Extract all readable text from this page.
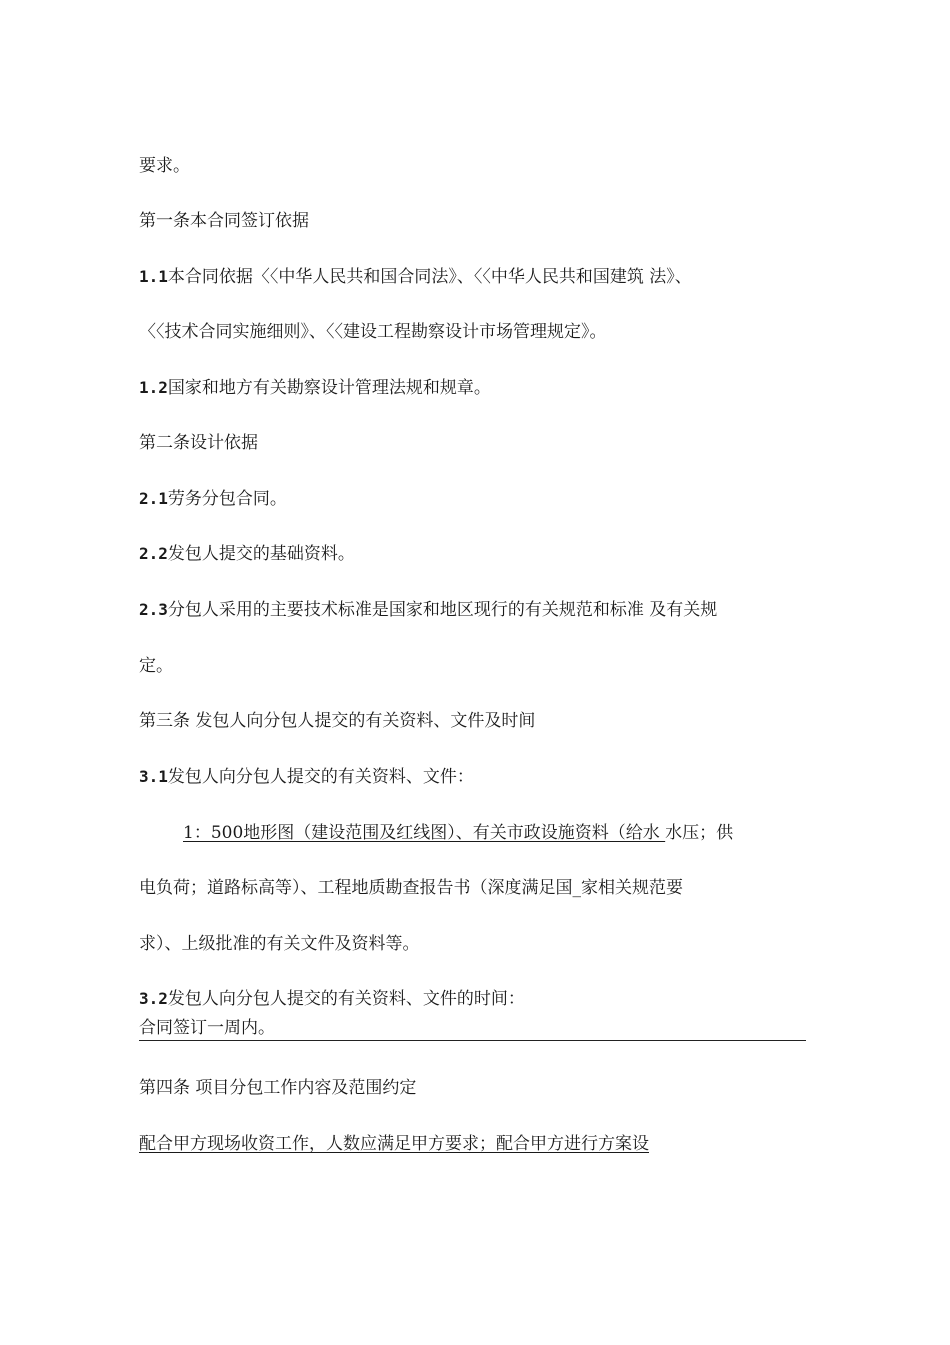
要求。
第一条本合同签订依据
1.1本合同依据〈〈中华人民共和国合同法》、〈〈中华人民共和国建筑 法》、
〈〈技术合同实施细则》、〈〈建设工程勘察设计市场管理规定》。
1.2国家和地方有关勘察设计管理法规和规章。
第二条设计依据
2.1劳务分包合同。
2.2发包人提交的基础资料。
2.3分包人采用的主要技术标准是国家和地区现行的有关规范和标准 及有关规
定。
第三条 发包人向分包人提交的有关资料、文件及时间
3.1发包人向分包人提交的有关资料、文件：
1：500地形图（建设范围及红线图）、有关市政设施资料（给水 水压；供
电负荷；道路标高等）、工程地质勘查报告书（深度满足国_家相关规范要
求）、上级批准的有关文件及资料等。
3.2发包人向分包人提交的有关资料、文件的时间：
合同签订一周内。
第四条 项目分包工作内容及范围约定
配合甲方现场收资工作，人数应满足甲方要求；配合甲方进行方案设
